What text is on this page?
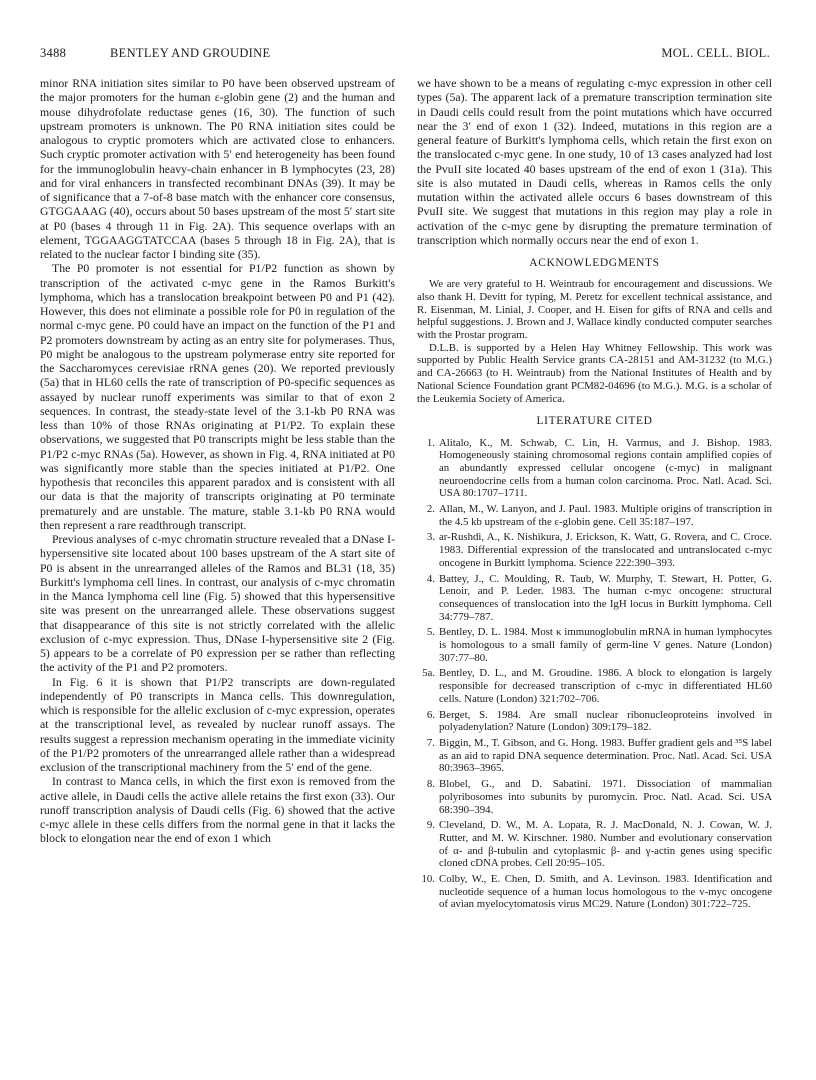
3488	BENTLEY AND GROUDINE	MOL. CELL. BIOL.

minor RNA initiation sites similar to P0 have been observed upstream of the major promoters for the human ε-globin gene (2) and the human and mouse dihydrofolate reductase genes (16, 30). The function of such upstream promoters is unknown. The P0 RNA initiation sites could be analogous to cryptic promoters which are activated close to enhancers. Such cryptic promoter activation with 5′ end heterogeneity has been found for the immunoglobulin heavy-chain enhancer in B lymphocytes (23, 28) and for viral enhancers in transfected recombinant DNAs (39). It may be of significance that a 7-of-8 base match with the enhancer core consensus, GTGGAAAG (40), occurs about 50 bases upstream of the most 5′ start site at P0 (bases 4 through 11 in Fig. 2A). This sequence overlaps with an element, TGGAAGGTATCCAA (bases 5 through 18 in Fig. 2A), that is related to the nuclear factor I binding site (35).

The P0 promoter is not essential for P1/P2 function as shown by transcription of the activated c-myc gene in the Ramos Burkitt's lymphoma, which has a translocation breakpoint between P0 and P1 (42). However, this does not eliminate a possible role for P0 in regulation of the normal c-myc gene. P0 could have an impact on the function of the P1 and P2 promoters downstream by acting as an entry site for polymerases. Thus, P0 might be analogous to the upstream polymerase entry site reported for the Saccharomyces cerevisiae rRNA genes (20). We reported previously (5a) that in HL60 cells the rate of transcription of P0-specific sequences as assayed by nuclear runoff experiments was similar to that of exon 2 sequences. In contrast, the steady-state level of the 3.1-kb P0 RNA was less than 10% of those RNAs originating at P1/P2. To explain these observations, we suggested that P0 transcripts might be less stable than the P1/P2 c-myc RNAs (5a). However, as shown in Fig. 4, RNA initiated at P0 was significantly more stable than the species initiated at P1/P2. One hypothesis that reconciles this apparent paradox and is consistent with all our data is that the majority of transcripts originating at P0 terminate prematurely and are unstable. The mature, stable 3.1-kb P0 RNA would then represent a rare readthrough transcript.

Previous analyses of c-myc chromatin structure revealed that a DNase I-hypersensitive site located about 100 bases upstream of the A start site of P0 is absent in the unrearranged alleles of the Ramos and BL31 (18, 35) Burkitt's lymphoma cell lines. In contrast, our analysis of c-myc chromatin in the Manca lymphoma cell line (Fig. 5) showed that this hypersensitive site was present on the unrearranged allele. These observations suggest that disappearance of this site is not strictly correlated with the allelic exclusion of c-myc expression. Thus, DNase I-hypersensitive site 2 (Fig. 5) appears to be a correlate of P0 expression per se rather than reflecting the activity of the P1 and P2 promoters.

In Fig. 6 it is shown that P1/P2 transcripts are down-regulated independently of P0 transcripts in Manca cells. This downregulation, which is responsible for the allelic exclusion of c-myc expression, operates at the transcriptional level, as revealed by nuclear runoff assays. The results suggest a repression mechanism operating in the immediate vicinity of the P1/P2 promoters of the unrearranged allele rather than a widespread exclusion of the transcriptional machinery from the 5′ end of the gene.

In contrast to Manca cells, in which the first exon is removed from the active allele, in Daudi cells the active allele retains the first exon (33). Our runoff transcription analysis of Daudi cells (Fig. 6) showed that the active c-myc allele in these cells differs from the normal gene in that it lacks the block to elongation near the end of exon 1 which

we have shown to be a means of regulating c-myc expression in other cell types (5a). The apparent lack of a premature transcription termination site in Daudi cells could result from the point mutations which have occurred near the 3′ end of exon 1 (32). Indeed, mutations in this region are a general feature of Burkitt's lymphoma cells, which retain the first exon on the translocated c-myc gene. In one study, 10 of 13 cases analyzed had lost the PvuII site located 40 bases upstream of the end of exon 1 (31a). This site is also mutated in Daudi cells, whereas in Ramos cells the only mutation within the activated allele occurs 6 bases downstream of this PvuII site. We suggest that mutations in this region may play a role in activation of the c-myc gene by disrupting the premature termination of transcription which normally occurs near the end of exon 1.

ACKNOWLEDGMENTS

We are very grateful to H. Weintraub for encouragement and discussions. We also thank H. Devitt for typing, M. Peretz for excellent technical assistance, and R. Eisenman, M. Linial, J. Cooper, and H. Eisen for gifts of RNA and cells and helpful suggestions. J. Brown and J. Wallace kindly conducted computer searches with the Prostar program.

D.L.B. is supported by a Helen Hay Whitney Fellowship. This work was supported by Public Health Service grants CA-28151 and AM-31232 (to M.G.) and CA-26663 (to H. Weintraub) from the National Institutes of Health and by National Science Foundation grant PCM82-04696 (to M.G.). M.G. is a scholar of the Leukemia Society of America.

LITERATURE CITED
1. Alitalo, K., M. Schwab, C. Lin, H. Varmus, and J. Bishop. 1983. Homogeneously staining chromosomal regions contain amplified copies of an abundantly expressed cellular oncogene (c-myc) in malignant neuroendocrine cells from a human colon carcinoma. Proc. Natl. Acad. Sci. USA 80:1707–1711.
2. Allan, M., W. Lanyon, and J. Paul. 1983. Multiple origins of transcription in the 4.5 kb upstream of the ε-globin gene. Cell 35:187–197.
3. ar-Rushdi, A., K. Nishikura, J. Erickson, K. Watt, G. Rovera, and C. Croce. 1983. Differential expression of the translocated and untranslocated c-myc oncogene in Burkitt lymphoma. Science 222:390–393.
4. Battey, J., C. Moulding, R. Taub, W. Murphy, T. Stewart, H. Potter, G. Lenoir, and P. Leder. 1983. The human c-myc oncogene: structural consequences of translocation into the IgH locus in Burkitt lymphoma. Cell 34:779–787.
5. Bentley, D. L. 1984. Most κ immunoglobulin mRNA in human lymphocytes is homologous to a small family of germ-line V genes. Nature (London) 307:77–80.
5a. Bentley, D. L., and M. Groudine. 1986. A block to elongation is largely responsible for decreased transcription of c-myc in differentiated HL60 cells. Nature (London) 321:702–706.
6. Berget, S. 1984. Are small nuclear ribonucleoproteins involved in polyadenylation? Nature (London) 309:179–182.
7. Biggin, M., T. Gibson, and G. Hong. 1983. Buffer gradient gels and ³⁵S label as an aid to rapid DNA sequence determination. Proc. Natl. Acad. Sci. USA 80:3963–3965.
8. Blobel, G., and D. Sabatini. 1971. Dissociation of mammalian polyribosomes into subunits by puromycin. Proc. Natl. Acad. Sci. USA 68:390–394.
9. Cleveland, D. W., M. A. Lopata, R. J. MacDonald, N. J. Cowan, W. J. Rutter, and M. W. Kirschner. 1980. Number and evolutionary conservation of α- and β-tubulin and cytoplasmic β- and γ-actin genes using specific cloned cDNA probes. Cell 20:95–105.
10. Colby, W., E. Chen, D. Smith, and A. Levinson. 1983. Identification and nucleotide sequence of a human locus homologous to the v-myc oncogene of avian myelocytomatosis virus MC29. Nature (London) 301:722–725.
